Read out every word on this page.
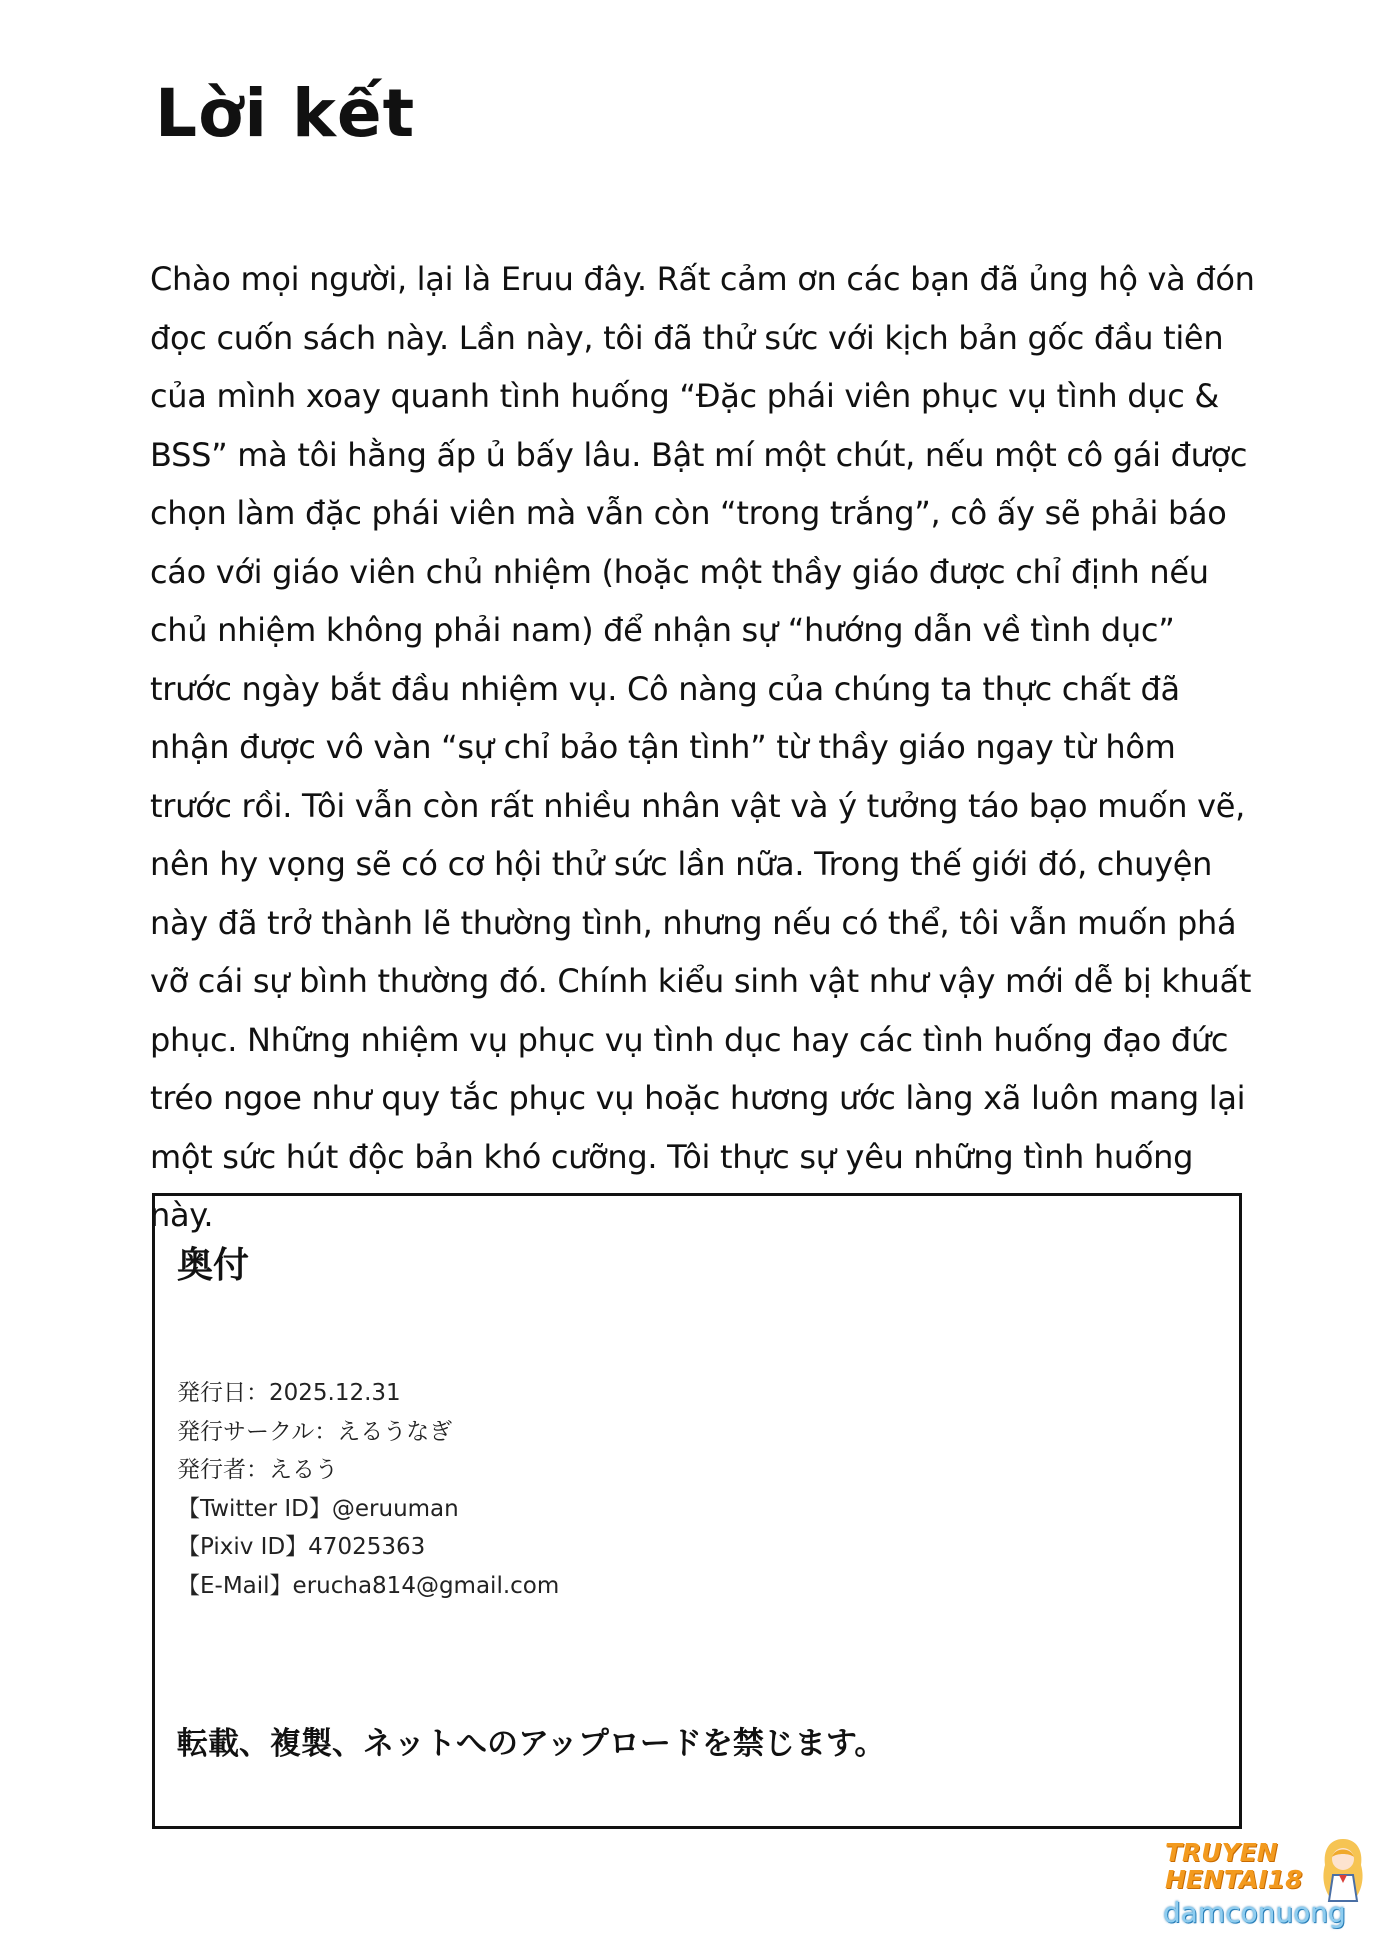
Lời kết

Chào mọi người, lại là Eruu đây. Rất cảm ơn các bạn đã ủng hộ và đón đọc cuốn sách này. Lần này, tôi đã thử sức với kịch bản gốc đầu tiên của mình xoay quanh tình huống “Đặc phái viên phục vụ tình dục & BSS” mà tôi hằng ấp ủ bấy lâu. Bật mí một chút, nếu một cô gái được chọn làm đặc phái viên mà vẫn còn “trong trắng”, cô ấy sẽ phải báo cáo với giáo viên chủ nhiệm (hoặc một thầy giáo được chỉ định nếu chủ nhiệm không phải nam) để nhận sự “hướng dẫn về tình dục” trước ngày bắt đầu nhiệm vụ. Cô nàng của chúng ta thực chất đã nhận được vô vàn “sự chỉ bảo tận tình” từ thầy giáo ngay từ hôm trước rồi. Tôi vẫn còn rất nhiều nhân vật và ý tưởng táo bạo muốn vẽ, nên hy vọng sẽ có cơ hội thử sức lần nữa. Trong thế giới đó, chuyện này đã trở thành lẽ thường tình, nhưng nếu có thể, tôi vẫn muốn phá vỡ cái sự bình thường đó. Chính kiểu sinh vật như vậy mới dễ bị khuất phục. Những nhiệm vụ phục vụ tình dục hay các tình huống đạo đức tréo ngoe như quy tắc phục vụ hoặc hương ước làng xã luôn mang lại một sức hút độc bản khó cưỡng. Tôi thực sự yêu những tình huống này.

奥付
発行日：2025.12.31
発行サークル：えるうなぎ
発行者：えるう
【Twitter ID】@eruuman
【Pixiv ID】47025363
【E-Mail】erucha814@gmail.com

転載、複製、ネットへのアップロードを禁じます。

TRUYEN
HENTAI18
damconuong
